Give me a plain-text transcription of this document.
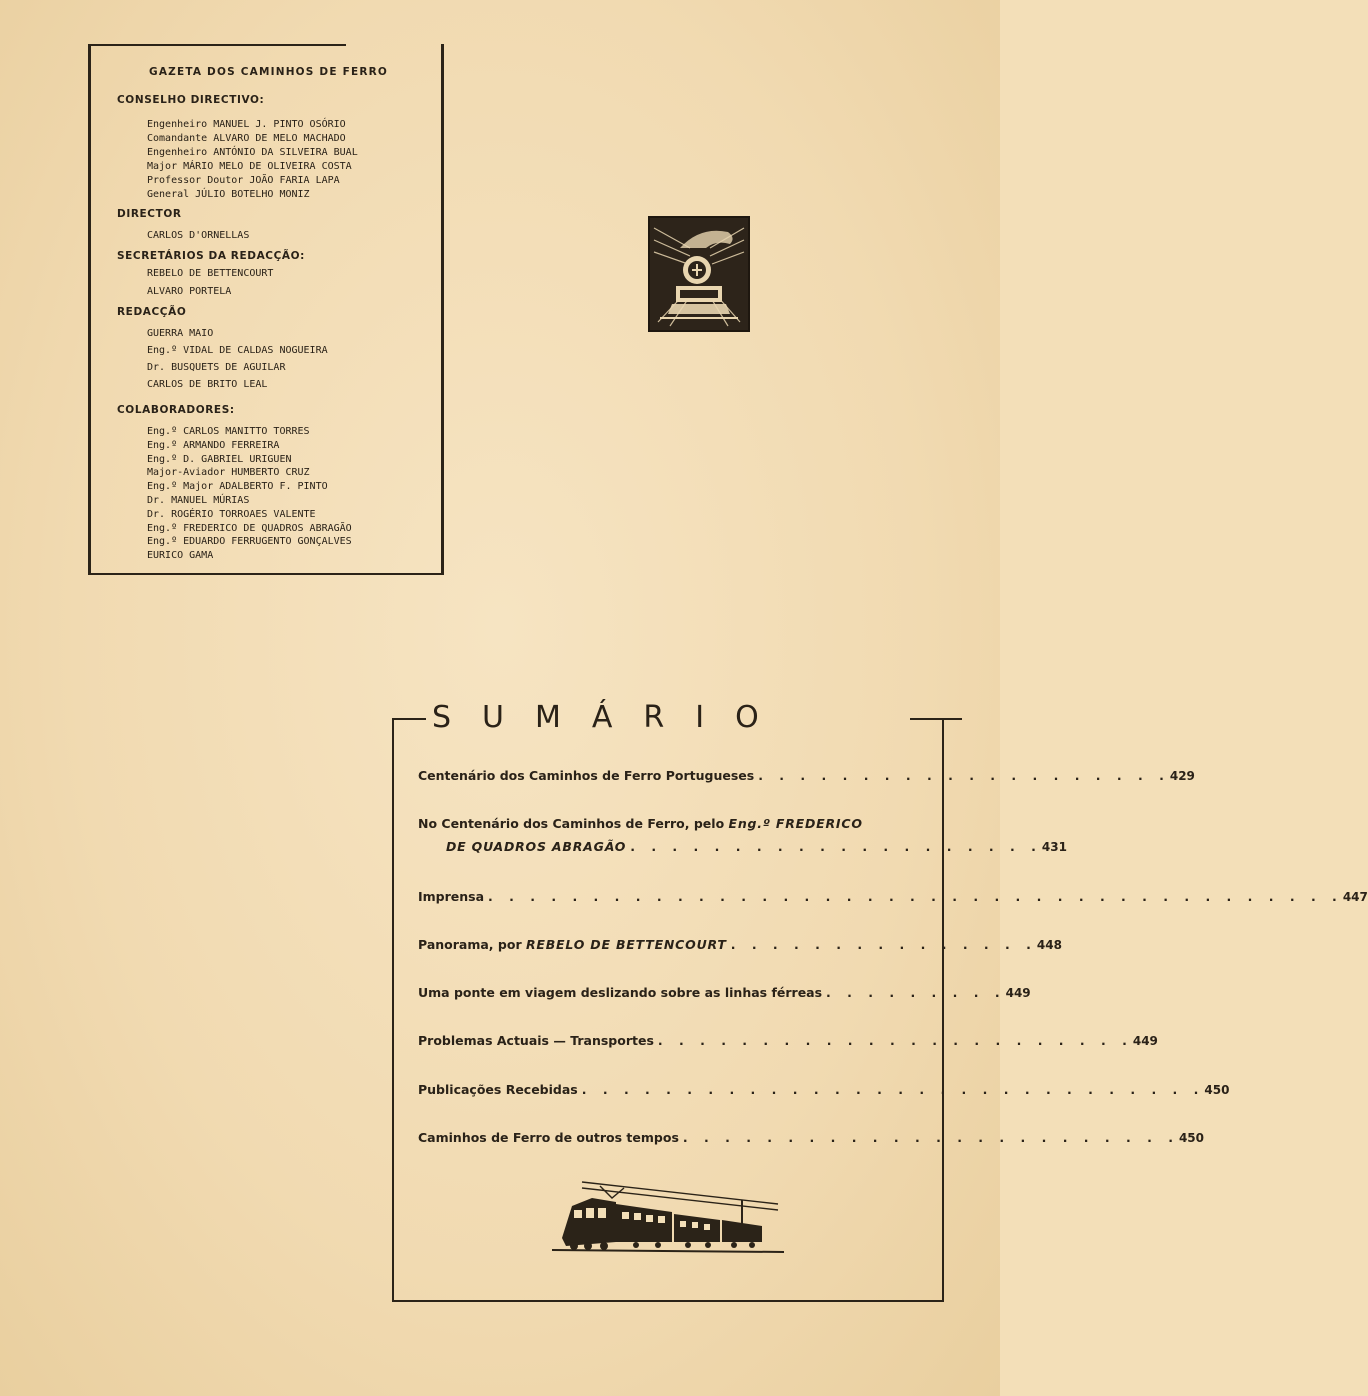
GAZETA DOS CAMINHOS DE FERRO
CONSELHO DIRECTIVO:
Engenheiro MANUEL J. PINTO OSÓRIO
Comandante ALVARO DE MELO MACHADO
Engenheiro ANTÓNIO DA SILVEIRA BUAL
Major MÁRIO MELO DE OLIVEIRA COSTA
Professor Doutor JOÃO FARIA LAPA
General JÚLIO BOTELHO MONIZ
DIRECTOR
CARLOS D'ORNELLAS
SECRETÁRIOS DA REDACÇÃO:
REBELO DE BETTENCOURT
ALVARO PORTELA
REDACÇÃO
GUERRA MAIO
Eng.º VIDAL DE CALDAS NOGUEIRA
Dr. BUSQUETS DE AGUILAR
CARLOS DE BRITO LEAL
COLABORADORES:
Eng.º CARLOS MANITTO TORRES
Eng.º ARMANDO FERREIRA
Eng.º D. GABRIEL URIGUEN
Major-Aviador HUMBERTO CRUZ
Eng.º Major ADALBERTO F. PINTO
Dr. MANUEL MÚRIAS
Dr. ROGÉRIO TORROAES VALENTE
Eng.º FREDERICO DE QUADROS ABRAGÃO
Eng.º EDUARDO FERRUGENTO GONÇALVES
EURICO GAMA
SUMÁRIO
Centenário dos Caminhos de Ferro Portugueses . . . . . . . . . . . . . . . . . . . . 429
No Centenário dos Caminhos de Ferro, pelo
Eng.º FREDERICO
DE QUADROS ABRAGÃO . . . . . . . . . . . . . . . . . . . . 431
Imprensa . . . . . . . . . . . . . . . . . . . . . . . . . . . . . . . . . . . . . . . . . 447
Panorama, por
REBELO DE BETTENCOURT . . . . . . . . . . . . . . . 448
Uma ponte em viagem deslizando sobre as linhas férreas . . . . . . . . . 449
Problemas Actuais — Transportes . . . . . . . . . . . . . . . . . . . . . . . 449
Publicações Recebidas . . . . . . . . . . . . . . . . . . . . . . . . . . . . . . 450
Caminhos de Ferro de outros tempos . . . . . . . . . . . . . . . . . . . . . . . . 450
